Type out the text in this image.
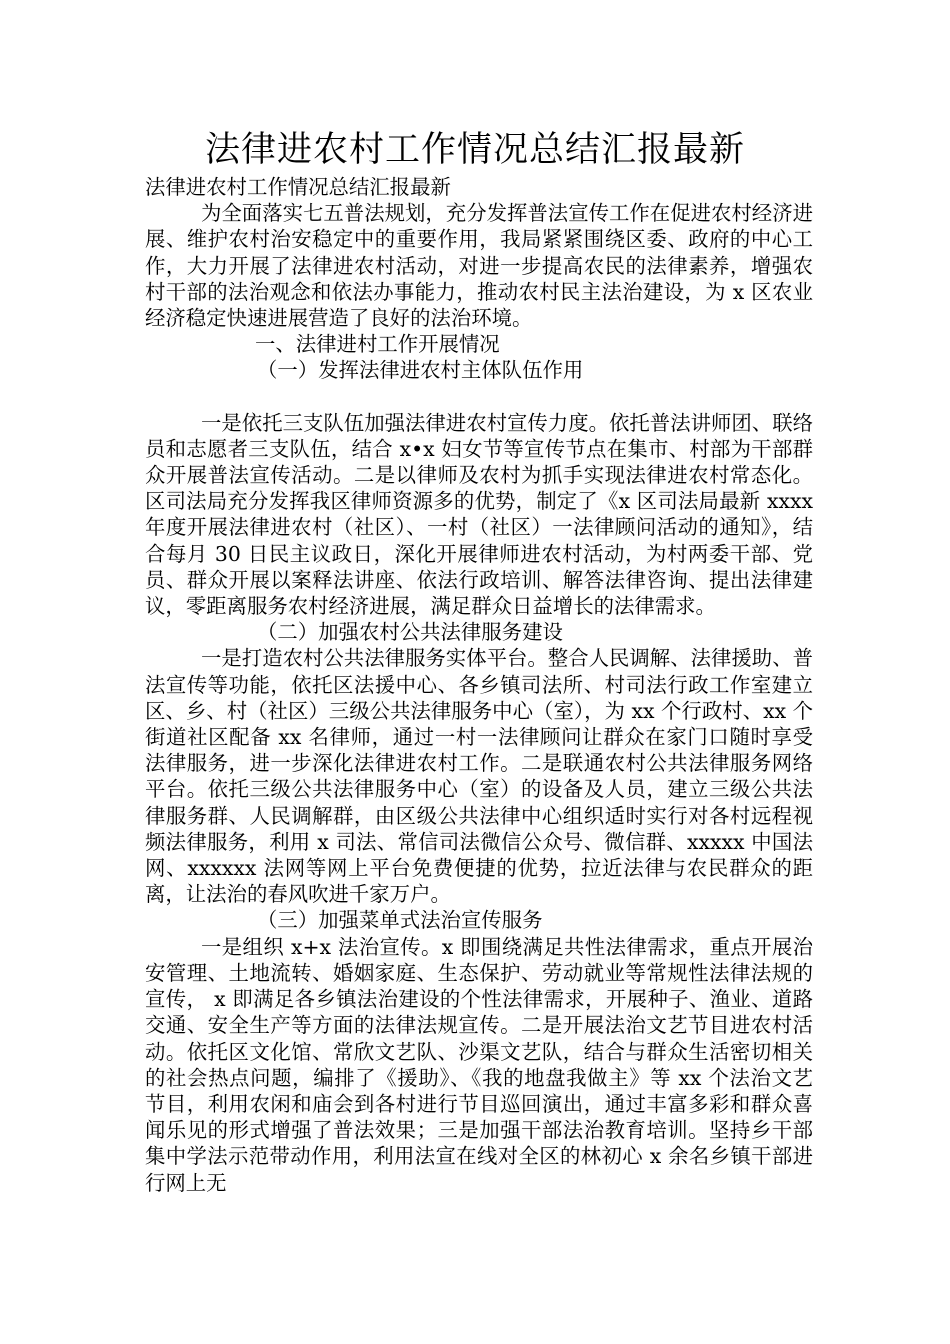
法律进农村工作情况总结汇报最新

法律进农村工作情况总结汇报最新

为全面落实七五普法规划，充分发挥普法宣传工作在促进农村经济进展、维护农村治安稳定中的重要作用，我局紧紧围绕区委、政府的中心工作，大力开展了法律进农村活动，对进一步提高农民的法律素养，增强农村干部的法治观念和依法办事能力，推动农村民主法治建设，为 x 区农业经济稳定快速进展营造了良好的法治环境。

一、法律进村工作开展情况

（一）发挥法律进农村主体队伍作用

一是依托三支队伍加强法律进农村宣传力度。依托普法讲师团、联络员和志愿者三支队伍，结合 x•x 妇女节等宣传节点在集市、村部为干部群众开展普法宣传活动。二是以律师及农村为抓手实现法律进农村常态化。区司法局充分发挥我区律师资源多的优势，制定了《x 区司法局最新 xxxx 年度开展法律进农村（社区）、一村（社区）一法律顾问活动的通知》，结合每月 30 日民主议政日，深化开展律师进农村活动，为村两委干部、党员、群众开展以案释法讲座、依法行政培训、解答法律咨询、提出法律建议，零距离服务农村经济进展，满足群众日益增长的法律需求。

（二）加强农村公共法律服务建设

一是打造农村公共法律服务实体平台。整合人民调解、法律援助、普法宣传等功能，依托区法援中心、各乡镇司法所、村司法行政工作室建立区、乡、村（社区）三级公共法律服务中心（室），为 xx 个行政村、xx 个街道社区配备 xx 名律师，通过一村一法律顾问让群众在家门口随时享受法律服务，进一步深化法律进农村工作。二是联通农村公共法律服务网络平台。依托三级公共法律服务中心（室）的设备及人员，建立三级公共法律服务群、人民调解群，由区级公共法律中心组织适时实行对各村远程视频法律服务，利用 x 司法、常信司法微信公众号、微信群、xxxxx 中国法网、xxxxxx 法网等网上平台免费便捷的优势，拉近法律与农民群众的距离，让法治的春风吹进千家万户。

（三）加强菜单式法治宣传服务

一是组织 x+x 法治宣传。x 即围绕满足共性法律需求，重点开展治安管理、土地流转、婚姻家庭、生态保护、劳动就业等常规性法律法规的宣传， x 即满足各乡镇法治建设的个性法律需求，开展种子、渔业、道路交通、安全生产等方面的法律法规宣传。二是开展法治文艺节目进农村活动。依托区文化馆、常欣文艺队、沙渠文艺队，结合与群众生活密切相关的社会热点问题，编排了《援助》、《我的地盘我做主》等 xx 个法治文艺节目，利用农闲和庙会到各村进行节目巡回演出，通过丰富多彩和群众喜闻乐见的形式增强了普法效果；三是加强干部法治教育培训。坚持乡干部集中学法示范带动作用，利用法宣在线对全区的林初心 x 余名乡镇干部进行网上无
